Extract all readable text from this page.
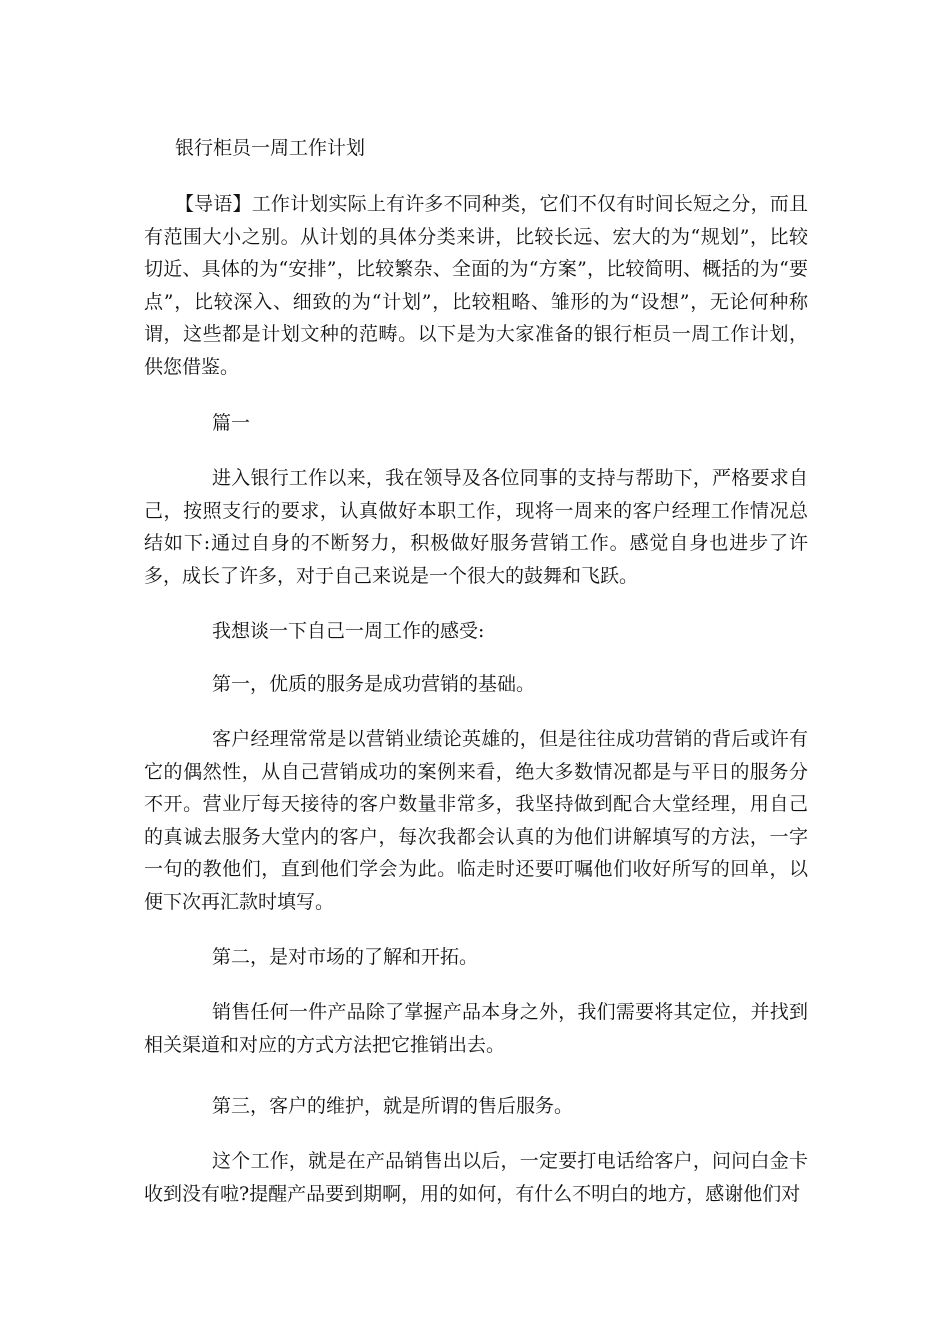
银行柜员一周工作计划

【导语】工作计划实际上有许多不同种类，它们不仅有时间长短之分，而且有范围大小之别。从计划的具体分类来讲，比较长远、宏大的为“规划”，比较切近、具体的为“安排”，比较繁杂、全面的为“方案”，比较简明、概括的为“要点”，比较深入、细致的为“计划”，比较粗略、雏形的为“设想”，无论何种称谓，这些都是计划文种的范畴。以下是为大家准备的银行柜员一周工作计划，供您借鉴。

篇一

进入银行工作以来，我在领导及各位同事的支持与帮助下，严格要求自己，按照支行的要求，认真做好本职工作，现将一周来的客户经理工作情况总结如下:通过自身的不断努力，积极做好服务营销工作。感觉自身也进步了许多，成长了许多，对于自己来说是一个很大的鼓舞和飞跃。

我想谈一下自己一周工作的感受:

第一，优质的服务是成功营销的基础。

客户经理常常是以营销业绩论英雄的，但是往往成功营销的背后或许有它的偶然性，从自己营销成功的案例来看，绝大多数情况都是与平日的服务分不开。营业厅每天接待的客户数量非常多，我坚持做到配合大堂经理，用自己的真诚去服务大堂内的客户，每次我都会认真的为他们讲解填写的方法，一字一句的教他们，直到他们学会为此。临走时还要叮嘱他们收好所写的回单，以便下次再汇款时填写。

第二，是对市场的了解和开拓。

销售任何一件产品除了掌握产品本身之外，我们需要将其定位，并找到相关渠道和对应的方式方法把它推销出去。

第三，客户的维护，就是所谓的售后服务。

这个工作，就是在产品销售出以后，一定要打电话给客户，问问白金卡收到没有啦?提醒产品要到期啊，用的如何，有什么不明白的地方，感谢他们对
